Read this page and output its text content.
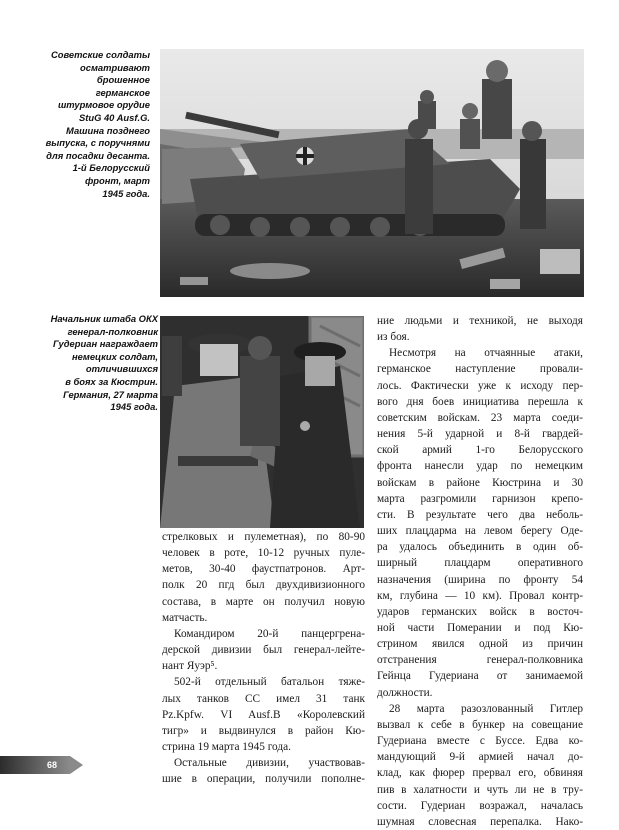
Советские солдаты
осматривают
брошенное
германское
штурмовое орудие
StuG 40 Ausf.G.
Машина позднего
выпуска, с поручнями
для посадки десанта.
1-й Белорусский
фронт, март
1945 года.
Начальник штаба ОКХ
генерал-полковник
Гудериан награждает
немецких солдат,
отличившихся
в боях за Кюстрин.
Германия, 27 марта
1945 года.
ние людьми и техникой, не выходя
из боя.
Несмотря на отчаянные атаки,
германское наступление провали-
лось. Фактически уже к исходу пер-
вого дня боев инициатива перешла к
советским войскам. 23 марта соеди-
нения 5-й ударной и 8-й гвардей-
ской армий 1-го Белорусского
фронта нанесли удар по немецким
войскам в районе Кюстрина и 30
марта разгромили гарнизон крепо-
сти. В результате чего два неболь-
ших плацдарма на левом берегу Оде-
ра удалось объединить в один об-
ширный плацдарм оперативного
назначения (ширина по фронту 54
км, глубина — 10 км). Провал контр-
ударов германских войск в восточ-
ной части Померании и под Кю-
стрином явился одной из причин
отстранения генерал-полковника
Гейнца Гудериана от занимаемой
должности.
28 марта разозлованный Гитлер
вызвал к себе в бункер на совещание
Гудериана вместе с Буссе. Едва ко-
мандующий 9-й армией начал до-
клад, как фюрер прервал его, обвиняя
пив в халатности и чуть ли не в тру-
сости. Гудериан возражал, началась
шумная словесная перепалка. Нако-
стрелковых и пулеметная), по 80-90
человек в роте, 10-12 ручных пуле-
метов, 30-40 фаустпатронов. Арт-
полк 20 пгд был двухдивизионного
состава, в марте он получил новую
матчасть.
Командиром 20-й панцергрена-
дерской дивизии был генерал-лейте-
нант Яуэр⁵.
502-й отдельный батальон тяже-
лых танков СС имел 31 танк
Pz.Kpfw. VI Ausf.B «Королевский
тигр» и выдвинулся в район Кю-
стрина 19 марта 1945 года.
Остальные дивизии, участвовав-
шие в операции, получили пополне-
68
